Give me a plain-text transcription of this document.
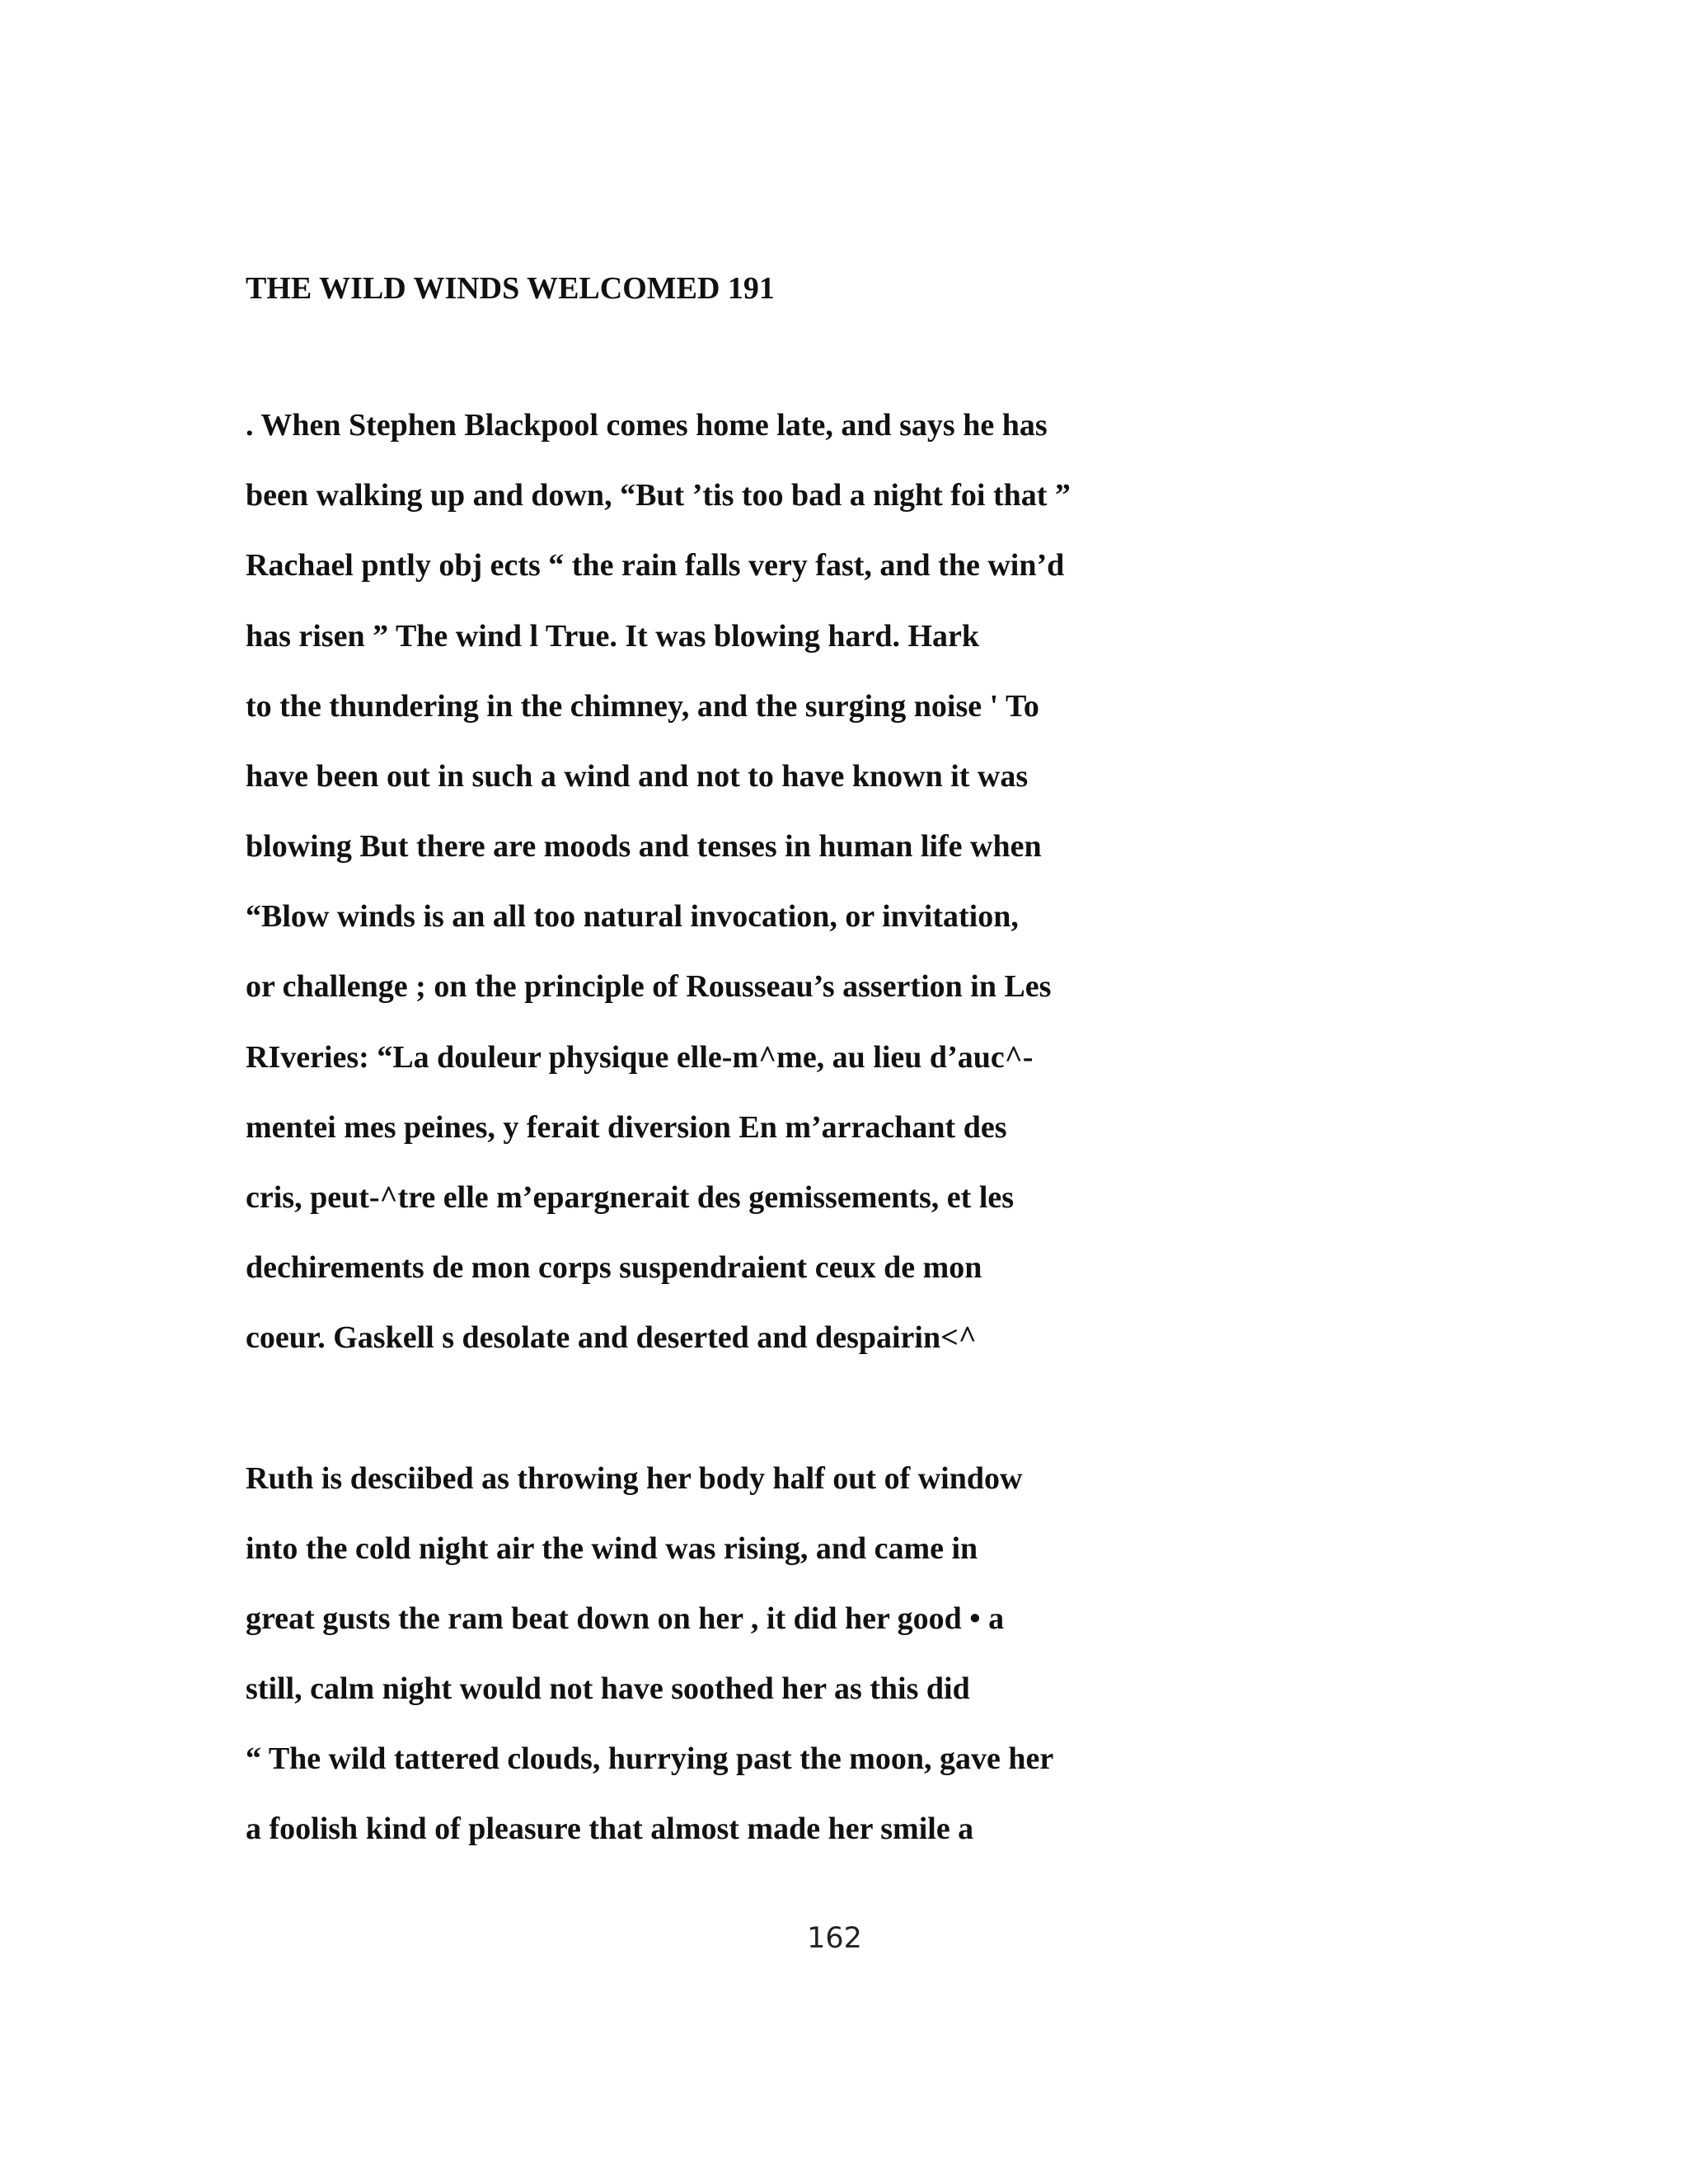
THE WILD WINDS WELCOMED 191

. When Stephen Blackpool comes home late, and says he has

been walking up and down, “But ’tis too bad a night foi that ”

Rachael pntly obj ects “ the rain falls very fast, and the win’d

has risen ” The wind l True. It was blowing hard. Hark

to the thundering in the chimney, and the surging noise ' To

have been out in such a wind and not to have known it was

blowing But there are moods and tenses in human life when

“Blow winds is an all too natural invocation, or invitation,

or challenge ; on the principle of Rousseau’s assertion in Les

RIveries: “La douleur physique elle-m^me, au lieu d’auc^-

mentei mes peines, y ferait diversion En m’arrachant des

cris, peut-^tre elle m’epargnerait des gemissements, et les

dechirements de mon corps suspendraient ceux de mon

coeur. Gaskell s desolate and deserted and despairin<^

Ruth is desciibed as throwing her body half out of window

into the cold night air the wind was rising, and came in

great gusts the ram beat down on her , it did her good • a

still, calm night would not have soothed her as this did

“ The wild tattered clouds, hurrying past the moon, gave her

a foolish kind of pleasure that almost made her smile a

162
